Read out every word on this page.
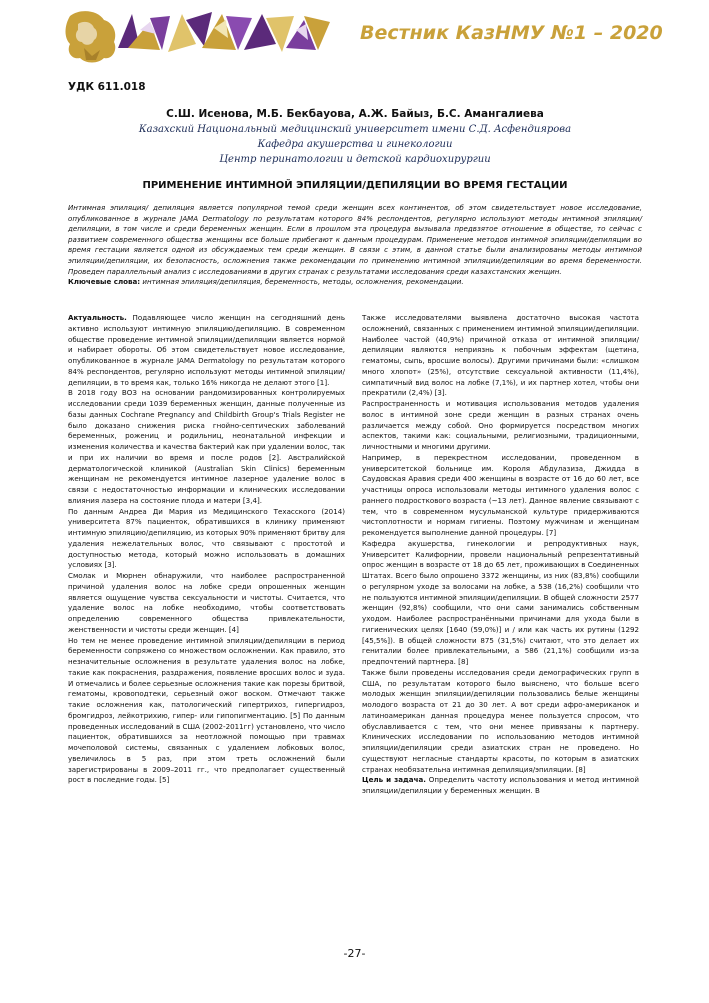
Вестник КазНМУ №1 – 2020
УДК 611.018
С.Ш. Исенова, М.Б. Бекбауова, А.Ж. Байыз, Б.С. Амангалиева
Казахский Национальный медицинский университет имени С.Д. Асфендиярова
Кафедра акушерства и гинекологии
Центр перинатологии и детской кардиохирургии
ПРИМЕНЕНИЕ ИНТИМНОЙ ЭПИЛЯЦИИ/ДЕПИЛЯЦИИ ВО ВРЕМЯ ГЕСТАЦИИ

Интимная эпиляция/ депиляция является популярной темой среди женщин всех континентов, об этом свидетельствует новое исследование, опубликованное в журнале JAMA Dermatology по результатам которого 84% респондентов, регулярно используют методы интимной эпиляции/депиляции, в том числе и среди беременных женщин. Если в прошлом эта процедура вызывала предвзятое отношение в обществе, то сейчас с развитием современного общества женщины все больше прибегают к данным процедурам. Применение методов интимной эпиляции/депиляции во время гестации является одной из обсуждаемых тем среди женщин. В связи с этим, в данной статье были анализированы методы интимной эпиляции/депиляции, их безопасность, осложнения также рекомендации по применению интимной эпиляции/депиляции во время беременности. Проведен параллельный анализ с исследованиями в других странах с результатами исследования среди казахстанских женщин.

Ключевые слова: интимная эпиляция/депиляция, беременность, методы, осложнения, рекомендации.

Актуальность. Подавляющее число женщин на сегодняшний день активно используют интимную эпиляцию/депиляцию. В современном обществе проведение интимной эпиляции/депиляции является нормой и набирает обороты. Об этом свидетельствует новое исследование, опубликованное в журнале JAMA Dermatology по результатам которого 84% респондентов, регулярно используют методы интимной эпиляции/депиляции, в то время как, только 16% никогда не делают этого [1].

В 2018 году ВОЗ на основании рандомизированных контролируемых исследовании среди 1039 беременных женщин, данные полученные из базы данных Cochrane Pregnancy and Childbirth Group's Trials Register не было доказано снижения риска гнойно-септических заболеваний беременных, рожениц и родильниц, неонатальной инфекции и изменения количества и качества бактерий как при удалении волос, так и при их наличии во время и после родов [2]. Австралийской дерматологической клиникой (Australian Skin Clinics) беременным женщинам не рекомендуется интимное лазерное удаление волос в связи с недостаточностью информации и клинических исследовании влияния лазера на состояние плода и матери [3,4].

По данным Андреа Ди Мария из Медицинского Техасского (2014) университета 87% пациенток, обратившихся в клинику применяют интимную эпиляцию/депиляцию, из которых 90% применяют бритву для удаления нежелательных волос, что связывают с простотой и доступностью метода, который можно использовать в домашних условиях [3].

Смолак и Мюрнен обнаружили, что наиболее распространенной причиной удаления волос на лобке среди опрошенных женщин является ощущение чувства сексуальности и чистоты. Считается, что удаление волос на лобке необходимо, чтобы соответствовать определению современного общества привлекательности, женственности и чистоты среди женщин. [4]

Но тем не менее проведение интимной эпиляции/депиляции в период беременности сопряжено со множеством осложнении. Как правило, это незначительные осложнения в результате удаления волос на лобке, такие как покраснения, раздражения, появление вросших волос и зуда. И отмечались и более серьезные осложнения такие как порезы бритвой, гематомы, кровоподтеки, серьезный ожог воском. Отмечают также такие осложнения как, патологический гипертрихоз, гипергидроз, бромгидроз, лейкотрихию, гипер- или гипопигментацию. [5] По данным проведенных исследований в США (2002-2011гг) установлено, что число пациенток, обратившихся за неотложной помощью при травмах мочеполовой системы, связанных с удалением лобковых волос, увеличилось в 5 раз, при этом треть осложнений были зарегистрированы в 2009–2011 гг., что предполагает существенный рост в последние годы. [5]

Также исследователями выявлена достаточно высокая частота осложнений, связанных с применением интимной эпиляции/депиляции. Наиболее частой (40,9%) причиной отказа от интимной эпиляции/депиляции являются неприязнь к побочным эффектам (щетина, гематомы, сыпь, вросшие волосы). Другими причинами были: «слишком много хлопот» (25%), отсутствие сексуальной активности (11,4%), симпатичный вид волос на лобке (7,1%), и их партнер хотел, чтобы они прекратили (2,4%) [3].

Распространенность и мотивация использования методов удаления волос в интимной зоне среди женщин в разных странах очень различается между собой. Оно формируется посредством многих аспектов, такими как: социальными, религиозными, традиционными, личностными и многими другими.

Например, в перекрестном исследовании, проведенном в университетской больнице им. Короля Абдулазиза, Джидда в Саудовская Аравия среди 400 женщины в возрасте от 16 до 60 лет, все участницы опроса использовали методы интимного удаления волос с раннего подросткового возраста (~13 лет). Данное явление связывают с тем, что в современном мусульманской культуре придерживаются чистоплотности и нормам гигиены. Поэтому мужчинам и женщинам рекомендуется выполнение данной процедуры. [7]

Кафедра акушерства, гинекологии и репродуктивных наук, Университет Калифорнии, провели национальный репрезентативный опрос женщин в возрасте от 18 до 65 лет, проживающих в Соединенных Штатах. Всего было опрошено 3372 женщины, из них (83,8%) сообщили о регулярном уходе за волосами на лобке, а 538 (16,2%) сообщили что не пользуются интимной эпиляции/депиляции. В общей сложности 2577 женщин (92,8%) сообщили, что они сами занимались собственным уходом. Наиболее распространёнными причинами для ухода были в гигиенических целях [1640 (59,0%)] и / или как часть их рутины (1292 [45,5%]). В общей сложности 875 (31,5%) считают, что это делает их гениталии более привлекательными, а 586 (21,1%) сообщили из-за предпочтений партнера. [8]

Также были проведены исследования среди демографических групп в США, по результатам которого было выяснено, что больше всего молодых женщин эпиляции/депиляции пользовались белые женщины молодого возраста от 21 до 30 лет. А вот среди афро-американок и латиноамерикан данная процедура менее пользуется спросом, что обуславливается с тем, что они менее привязаны к партнеру. Клинических исследовании по использованию методов интимной эпиляции/депиляции среди азиатских стран не проведено. Но существуют негласные стандарты красоты, по которым в азиатских странах необязательна интимная депиляция/эпиляции. [8]

Цель и задача. Определить частоту использования и метод интимной эпиляции/депиляции у беременных женщин. В

-27-
